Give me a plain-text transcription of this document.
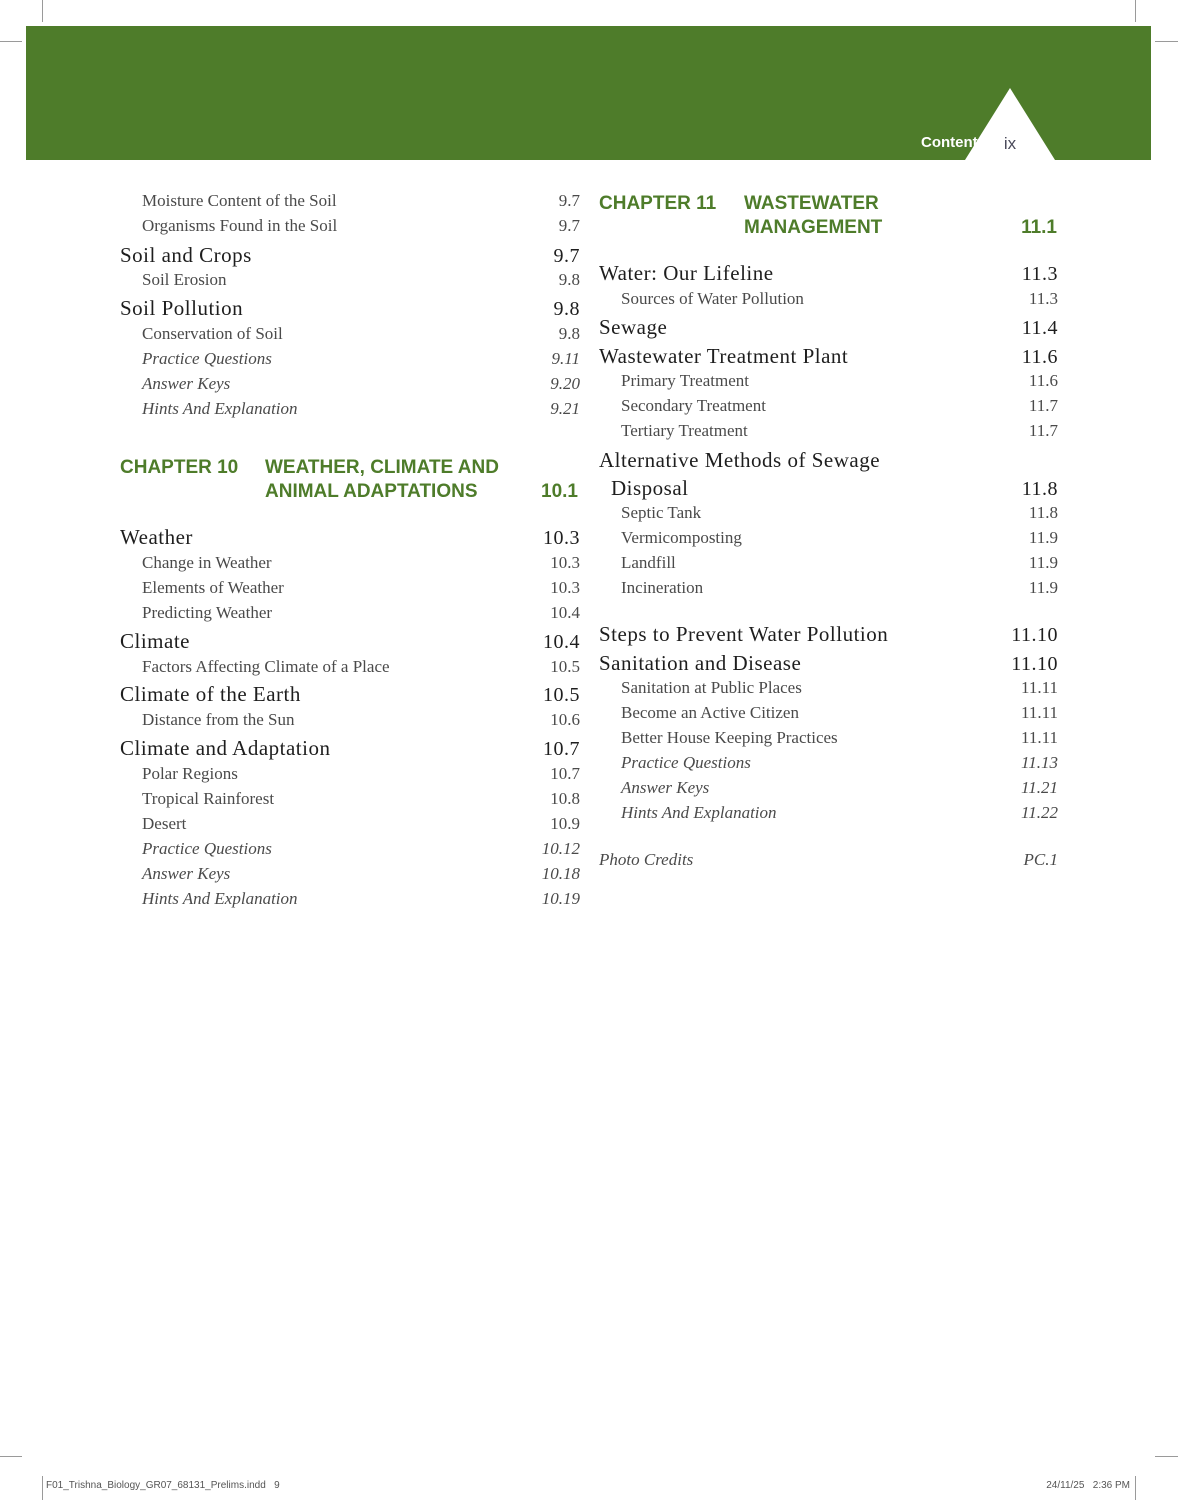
Contents ix
Moisture Content of the Soil	9.7
Organisms Found in the Soil	9.7
Soil and Crops	9.7
Soil Erosion	9.8
Soil Pollution	9.8
Conservation of Soil	9.8
Practice Questions	9.11
Answer Keys	9.20
Hints And Explanation	9.21
CHAPTER 10 WEATHER, CLIMATE AND
ANIMAL ADAPTATIONS	10.1
Weather	10.3
Change in Weather	10.3
Elements of Weather	10.3
Predicting Weather	10.4
Climate	10.4
Factors Affecting Climate of a Place	10.5
Climate of the Earth	10.5
Distance from the Sun	10.6
Climate and Adaptation	10.7
Polar Regions	10.7
Tropical Rainforest	10.8
Desert	10.9
Practice Questions	10.12
Answer Keys	10.18
Hints And Explanation	10.19
CHAPTER 11 WASTEWATER
MANAGEMENT	11.1
Water: Our Lifeline	11.3
Sources of Water Pollution	11.3
Sewage	11.4
Wastewater Treatment Plant	11.6
Primary Treatment	11.6
Secondary Treatment	11.7
Tertiary Treatment	11.7
Alternative Methods of Sewage
Disposal	11.8
Septic Tank	11.8
Vermicomposting	11.9
Landfill	11.9
Incineration	11.9
Steps to Prevent Water Pollution	11.10
Sanitation and Disease	11.10
Sanitation at Public Places	11.11
Become an Active Citizen	11.11
Better House Keeping Practices	11.11
Practice Questions	11.13
Answer Keys	11.21
Hints And Explanation	11.22
Photo Credits	PC.1
F01_Trishna_Biology_GR07_68131_Prelims.indd   9	24/11/25   2:36 PM
